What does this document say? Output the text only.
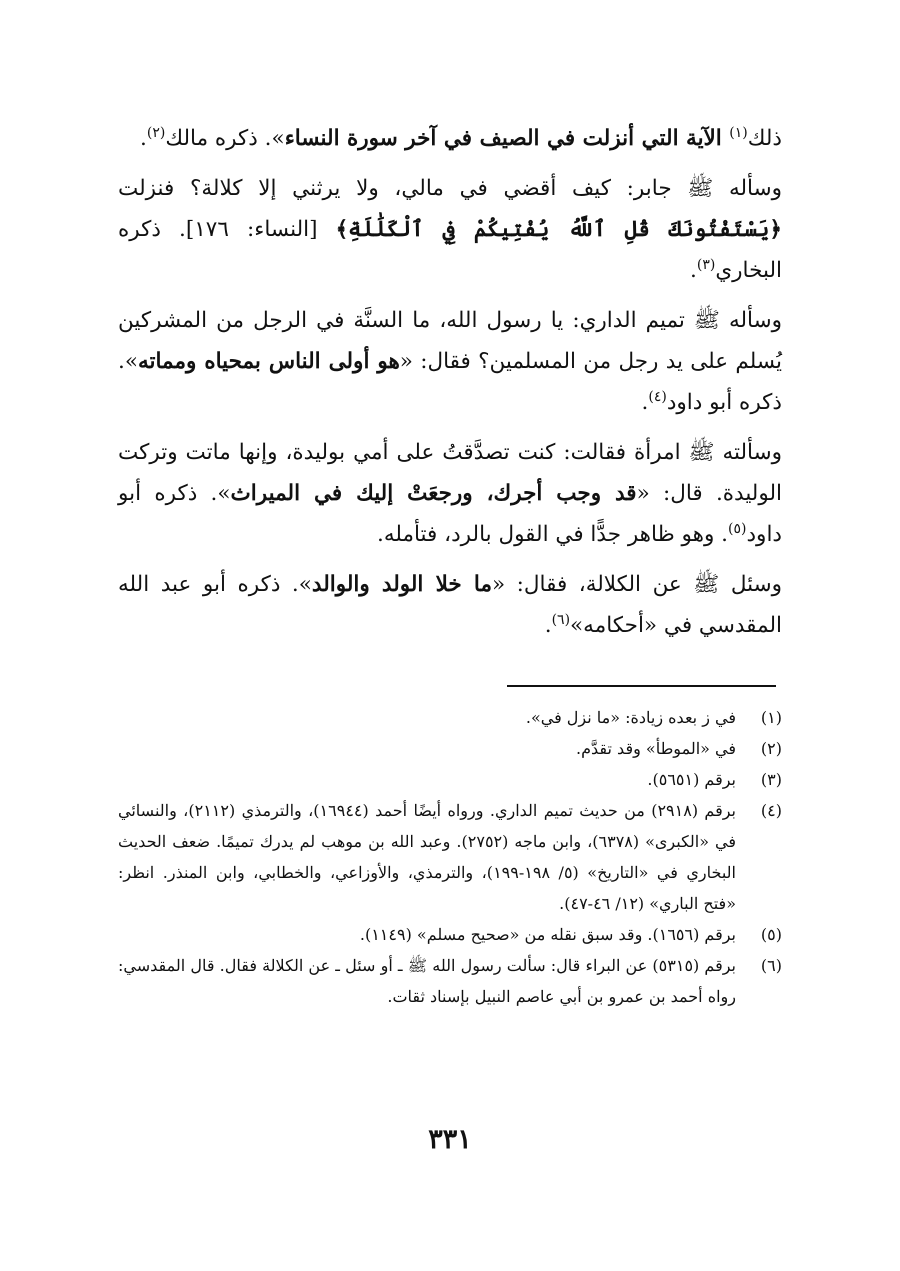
ذلك$^{(١)}$ الآية التي أنزلت في الصيف في آخر سورة النساء». ذكره مالك$^{(٢)}$.

وسأله ﷺ جابر: كيف أقضي في مالي، ولا يرثني إلا كلالة؟ فنزلت ﴿يَسْتَفْتُونَكَ قُلِ ٱللَّهُ يُفْتِيكُمْ فِي ٱلْكَلَٰلَةِ﴾ [النساء: ١٧٦]. ذكره البخاري$^{(٣)}$.

وسأله ﷺ تميم الداري: يا رسول الله، ما السنَّة في الرجل من المشركين يُسلم على يد رجل من المسلمين؟ فقال: «هو أولى الناس بمحياه ومماته». ذكره أبو داود$^{(٤)}$.

وسألته ﷺ امرأة فقالت: كنت تصدَّقتُ على أمي بوليدة، وإنها ماتت وتركت الوليدة. قال: «قد وجب أجرك، ورجعَتْ إليك في الميراث». ذكره أبو داود$^{(٥)}$. وهو ظاهر جدًّا في القول بالرد، فتأمله.

وسئل ﷺ عن الكلالة، فقال: «ما خلا الولد والوالد». ذكره أبو عبد الله المقدسي في «أحكامه»$^{(٦)}$.

(١)
في ز بعده زيادة: «ما نزل في».
(٢)
في «الموطأ» وقد تقدَّم.
(٣)
برقم (٥٦٥١).
(٤)
برقم (٢٩١٨) من حديث تميم الداري. ورواه أيضًا أحمد (١٦٩٤٤)، والترمذي (٢١١٢)، والنسائي في «الكبرى» (٦٣٧٨)، وابن ماجه (٢٧٥٢). وعبد الله بن موهب لم يدرك تميمًا. ضعف الحديث البخاري في «التاريخ» (٥/ ١٩٨-١٩٩)، والترمذي، والأوزاعي، والخطابي، وابن المنذر. انظر: «فتح الباري» (١٢/ ٤٦-٤٧).
(٥)
برقم (١٦٥٦). وقد سبق نقله من «صحيح مسلم» (١١٤٩).
(٦)
برقم (٥٣١٥) عن البراء قال: سألت رسول الله ﷺ ـ أو سئل ـ عن الكلالة فقال. قال المقدسي: رواه أحمد بن عمرو بن أبي عاصم النبيل بإسناد ثقات.
٣٣١
